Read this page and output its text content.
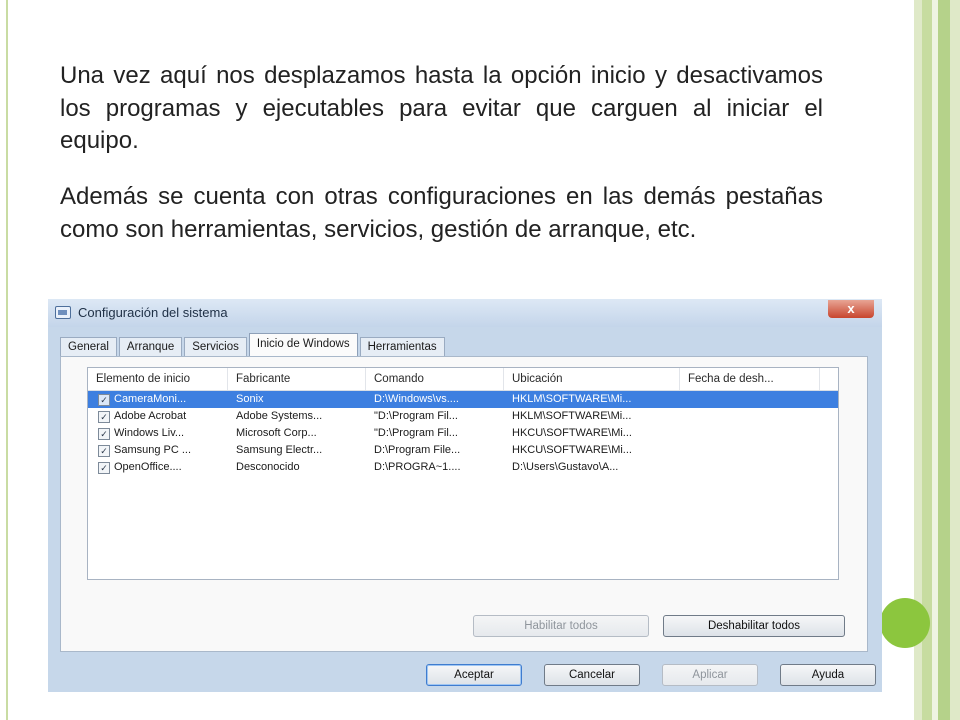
Una vez aquí nos desplazamos hasta la opción inicio y desactivamos los programas y ejecutables para evitar que carguen al iniciar el equipo.

Además se cuenta con otras configuraciones en las demás pestañas como son herramientas, servicios, gestión de arranque, etc.

Configuración del sistema	x
General	Arranque	Servicios	Inicio de Windows	Herramientas
Elemento de inicio	Fabricante	Comando	Ubicación	Fecha de desh...
✓ CameraMoni...	Sonix	D:\Windows\vs....	HKLM\SOFTWARE\Mi...
✓ Adobe Acrobat	Adobe Systems...	"D:\Program Fil...	HKLM\SOFTWARE\Mi...
✓ Windows Liv...	Microsoft Corp...	"D:\Program Fil...	HKCU\SOFTWARE\Mi...
✓ Samsung PC ...	Samsung Electr...	D:\Program File...	HKCU\SOFTWARE\Mi...
✓ OpenOffice....	Desconocido	D:\PROGRA~1....	D:\Users\Gustavo\A...
Habilitar todos	Deshabilitar todos
Aceptar	Cancelar	Aplicar	Ayuda
